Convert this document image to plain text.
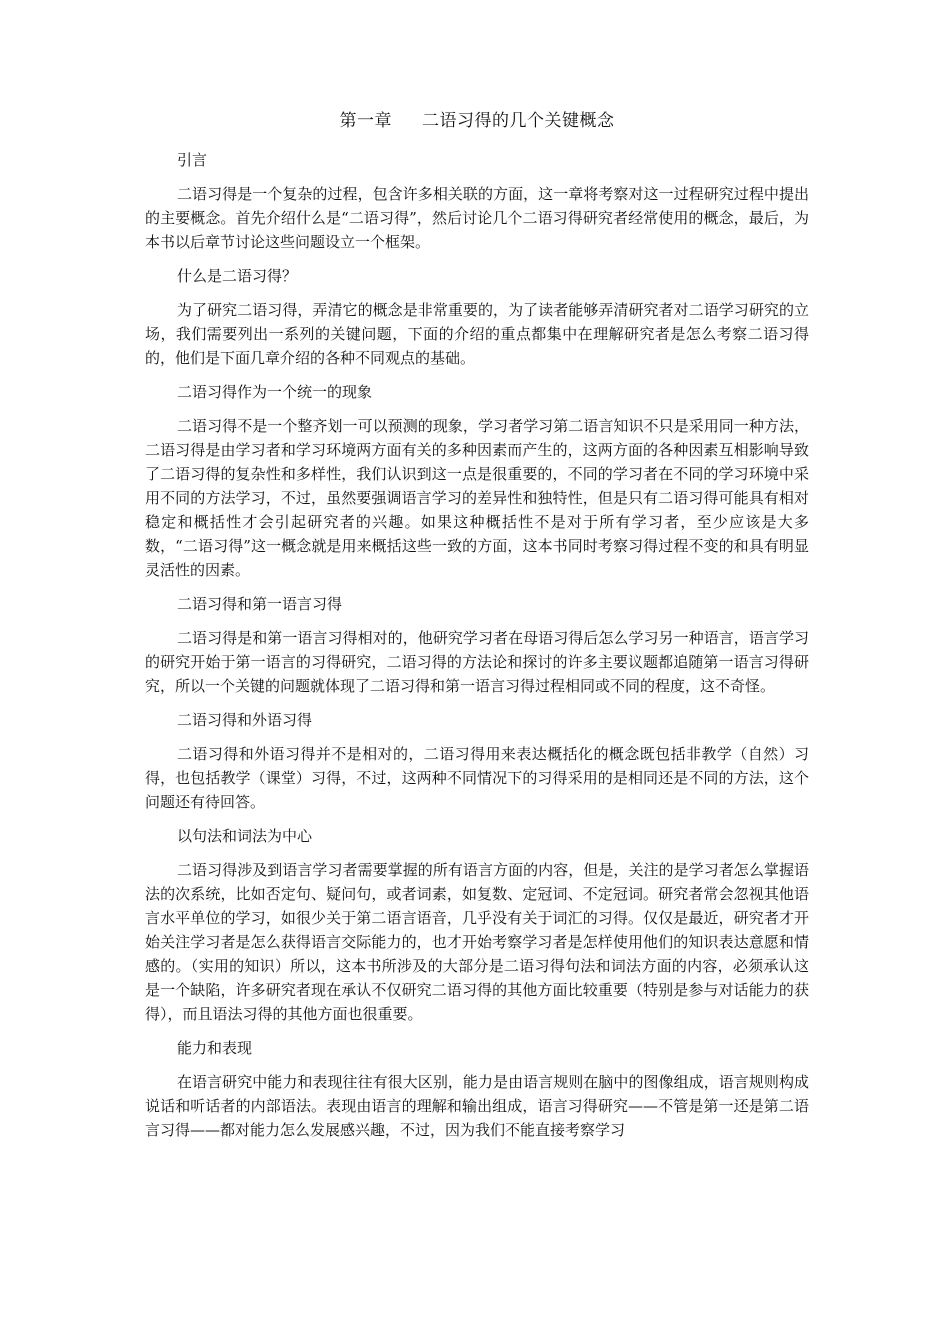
第一章 二语习得的几个关键概念

引言

二语习得是一个复杂的过程，包含许多相关联的方面，这一章将考察对这一过程研究过程中提出的主要概念。首先介绍什么是“二语习得”，然后讨论几个二语习得研究者经常使用的概念，最后，为本书以后章节讨论这些问题设立一个框架。

什么是二语习得？

为了研究二语习得，弄清它的概念是非常重要的，为了读者能够弄清研究者对二语学习研究的立场，我们需要列出一系列的关键问题，下面的介绍的重点都集中在理解研究者是怎么考察二语习得的，他们是下面几章介绍的各种不同观点的基础。

二语习得作为一个统一的现象

二语习得不是一个整齐划一可以预测的现象，学习者学习第二语言知识不只是采用同一种方法，二语习得是由学习者和学习环境两方面有关的多种因素而产生的，这两方面的各种因素互相影响导致了二语习得的复杂性和多样性，我们认识到这一点是很重要的，不同的学习者在不同的学习环境中采用不同的方法学习，不过，虽然要强调语言学习的差异性和独特性，但是只有二语习得可能具有相对稳定和概括性才会引起研究者的兴趣。如果这种概括性不是对于所有学习者，至少应该是大多数，“二语习得”这一概念就是用来概括这些一致的方面，这本书同时考察习得过程不变的和具有明显灵活性的因素。

二语习得和第一语言习得

二语习得是和第一语言习得相对的，他研究学习者在母语习得后怎么学习另一种语言，语言学习的研究开始于第一语言的习得研究，二语习得的方法论和探讨的许多主要议题都追随第一语言习得研究，所以一个关键的问题就体现了二语习得和第一语言习得过程相同或不同的程度，这不奇怪。

二语习得和外语习得

二语习得和外语习得并不是相对的，二语习得用来表达概括化的概念既包括非教学（自然）习得，也包括教学（课堂）习得，不过，这两种不同情况下的习得采用的是相同还是不同的方法，这个问题还有待回答。

以句法和词法为中心

二语习得涉及到语言学习者需要掌握的所有语言方面的内容，但是，关注的是学习者怎么掌握语法的次系统，比如否定句、疑问句，或者词素，如复数、定冠词、不定冠词。研究者常会忽视其他语言水平单位的学习，如很少关于第二语言语音，几乎没有关于词汇的习得。仅仅是最近，研究者才开始关注学习者是怎么获得语言交际能力的，也才开始考察学习者是怎样使用他们的知识表达意愿和情感的。（实用的知识）所以，这本书所涉及的大部分是二语习得句法和词法方面的内容，必须承认这是一个缺陷，许多研究者现在承认不仅研究二语习得的其他方面比较重要（特别是参与对话能力的获得），而且语法习得的其他方面也很重要。

能力和表现

在语言研究中能力和表现往往有很大区别，能力是由语言规则在脑中的图像组成，语言规则构成说话和听话者的内部语法。表现由语言的理解和输出组成，语言习得研究——不管是第一还是第二语言习得——都对能力怎么发展感兴趣，不过，因为我们不能直接考察学习
